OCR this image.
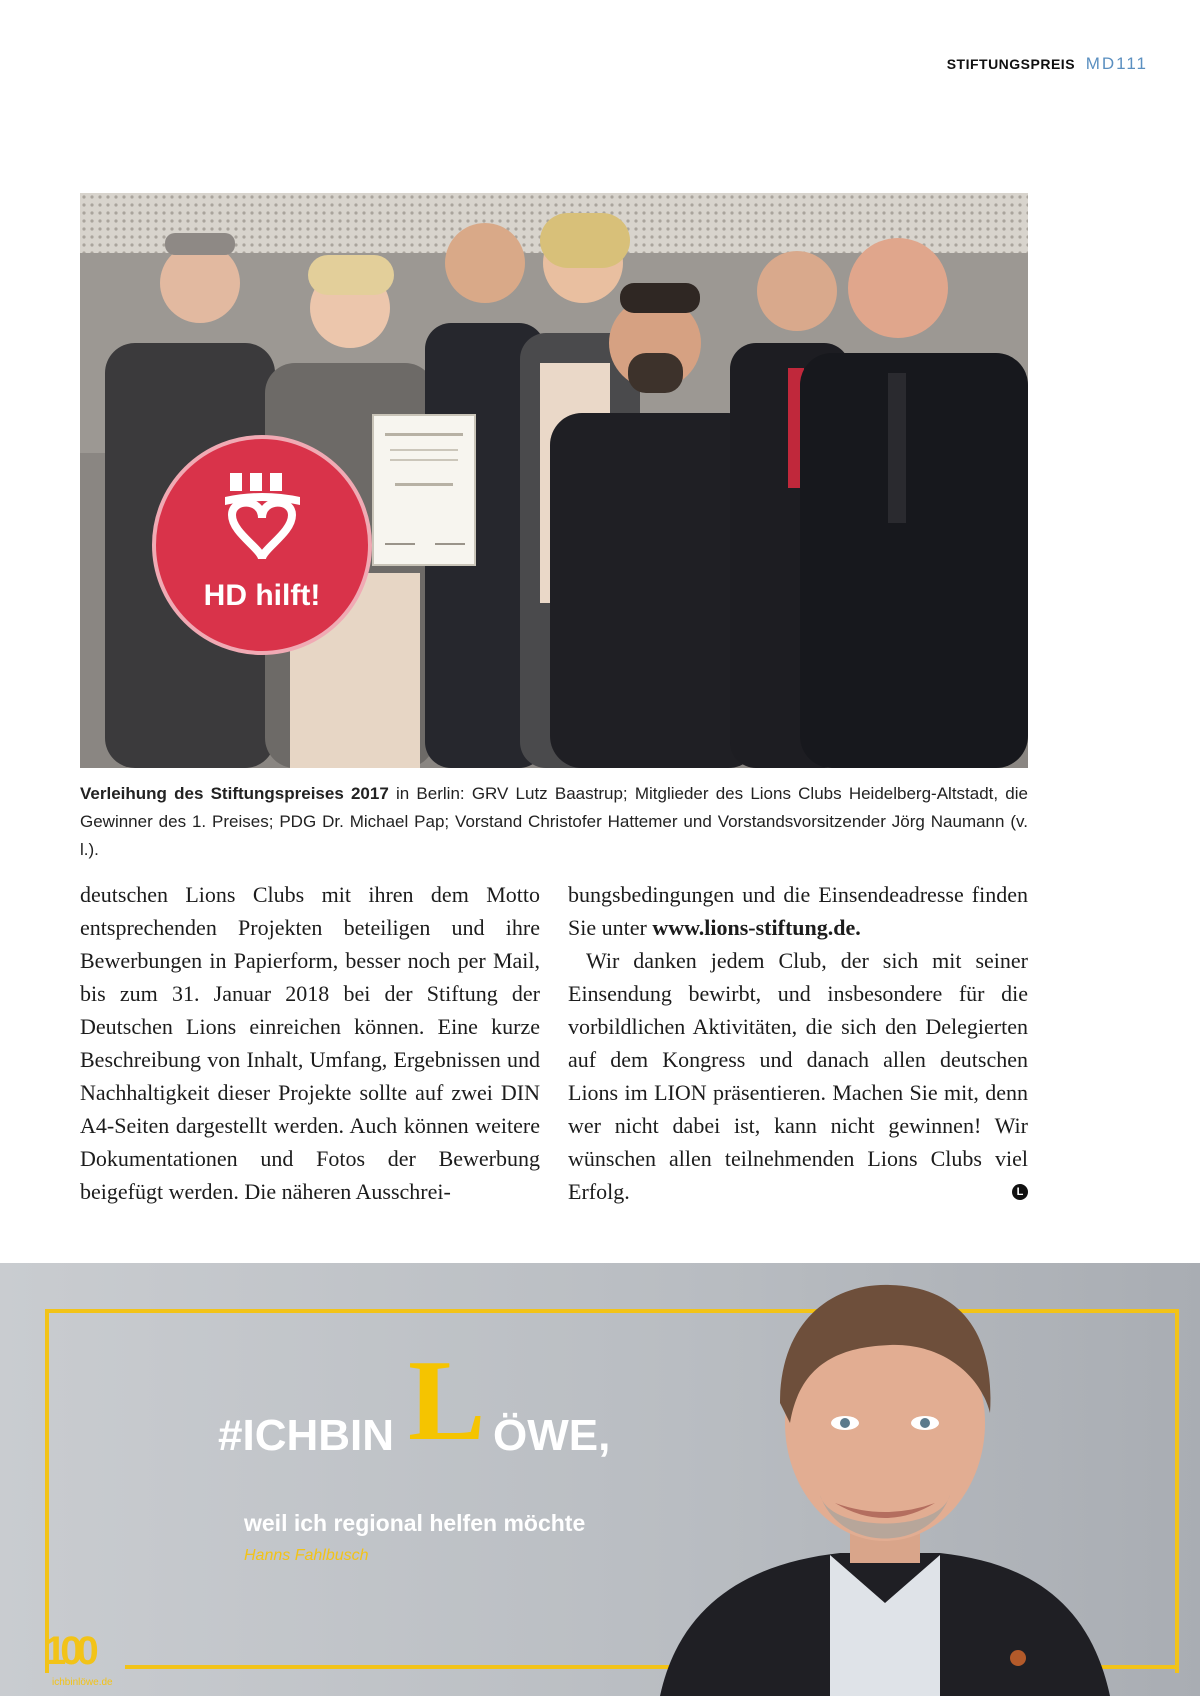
STIFTUNGSPREIS MD111
HD hilft!
Verleihung des Stiftungspreises 2017 in Berlin: GRV Lutz Baastrup; Mitglieder des Lions Clubs Heidelberg-Altstadt, die Gewinner des 1. Preises; PDG Dr. Michael Pap; Vorstand Christofer Hattemer und Vorstandsvorsitzender Jörg Naumann (v. l.).

deutschen Lions Clubs mit ihren dem Motto entsprechenden Projekten beteiligen und ihre Bewerbungen in Papierform, besser noch per Mail, bis zum 31. Januar 2018 bei der Stiftung der Deutschen Lions einreichen können. Eine kurze Beschreibung von Inhalt, Umfang, Ergebnissen und Nachhaltigkeit dieser Projekte sollte auf zwei DIN A4-Seiten dargestellt werden. Auch können weitere Dokumentationen und Fotos der Bewerbung beigefügt werden. Die näheren Ausschrei-

bungsbedingungen und die Einsendeadresse finden Sie unter www.lions-stiftung.de.

Wir danken jedem Club, der sich mit seiner Einsendung bewirbt, und insbesondere für die vorbildlichen Aktivitäten, die sich den Delegierten auf dem Kongress und danach allen deutschen Lions im LION präsentieren. Machen Sie mit, denn wer nicht dabei ist, kann nicht gewinnen! Wir wünschen allen teilnehmenden Lions Clubs viel Erfolg.	L
#ICHBIN L ÖWE,
weil ich regional helfen möchte
Hanns Fahlbusch
100
ichbinlöwe.de
